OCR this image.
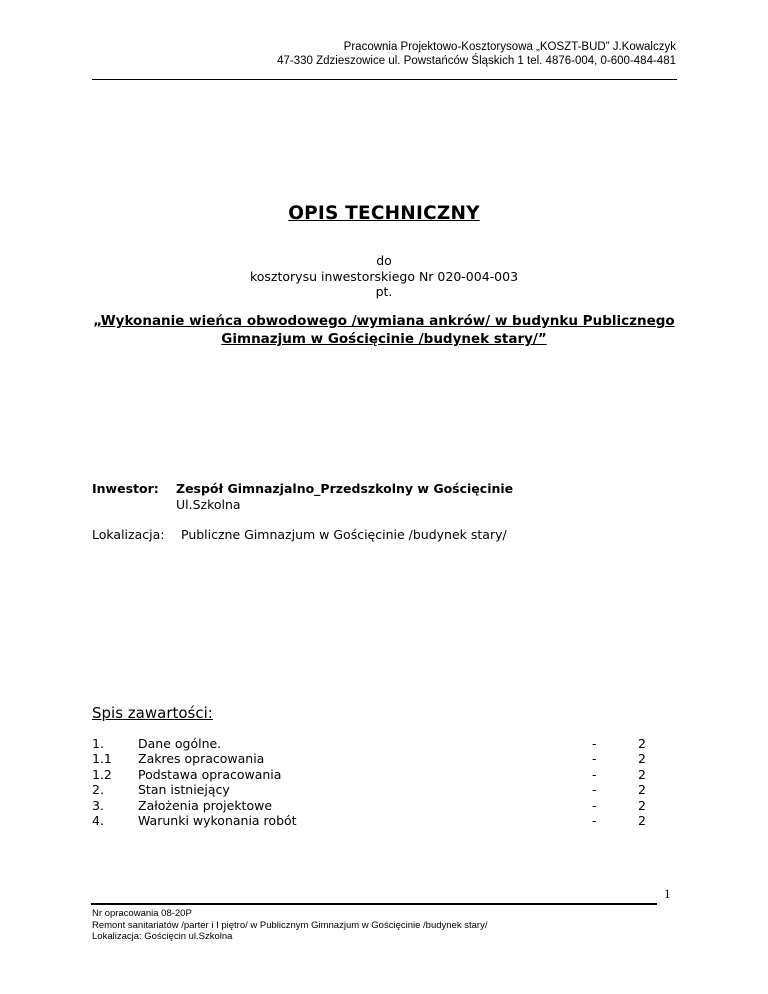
Pracownia Projektowo-Kosztorysowa „KOSZT-BUD” J.Kowalczyk
47-330 Zdzieszowice ul. Powstańców Śląskich 1 tel. 4876-004, 0-600-484-481
OPIS TECHNICZNY
do
kosztorysu inwestorskiego Nr 020-004-003
pt.
„Wykonanie wieńca obwodowego /wymiana ankrów/ w budynku Publicznego
Gimnazjum w Gościęcinie /budynek stary/”
Inwestor: Zespół Gimnazjalno_Przedszkolny w Gościęcinie
Ul.Szkolna
Lokalizacja: Publiczne Gimnazjum w Gościęcinie /budynek stary/
Spis zawartości:
1.	Dane ogólne.	-	2
1.1 Zakres opracowania	-	2
1.2 Podstawa opracowania	-	2
2.	Stan istniejący	-	2
3.	Założenia projektowe	-	2
4.	Warunki wykonania robót	-	2
1
Nr opracowania 08-20P
Remont sanitariatów /parter i I piętro/ w Publicznym Gimnazjum w Gościęcinie /budynek stary/
Lokalizacja: Gościęcin ul.Szkolna
